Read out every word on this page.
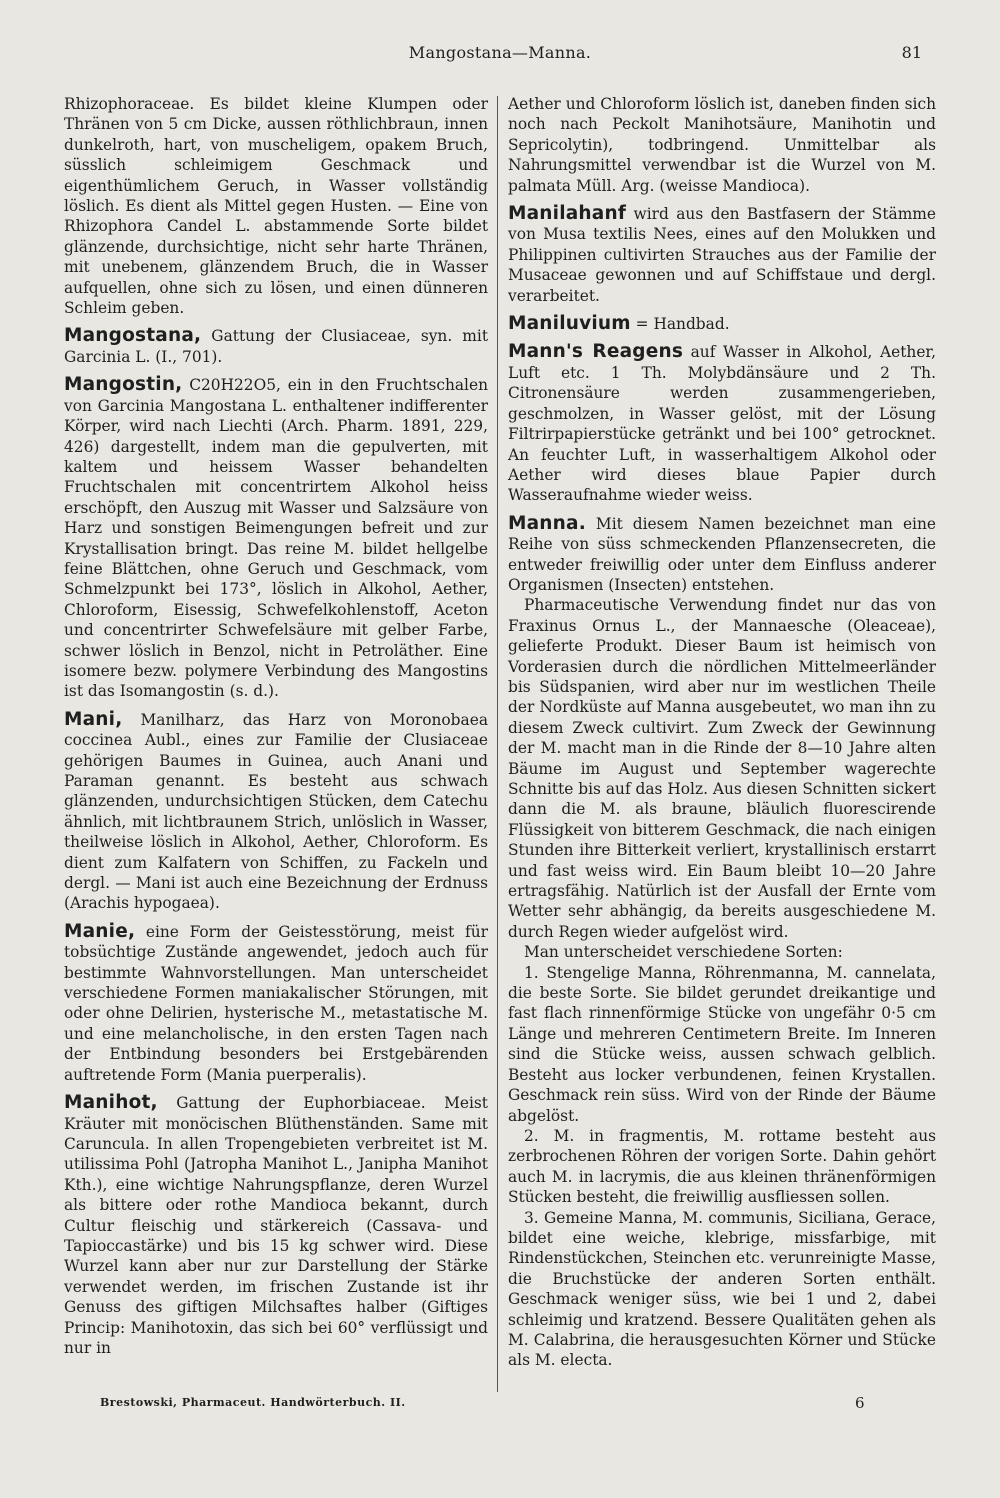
Mangostana—Manna.	81

Rhizophoraceae. Es bildet kleine Klumpen oder Thränen von 5 cm Dicke, aussen röthlichbraun, innen dunkelroth, hart, von muscheligem, opakem Bruch, süsslich schleimigem Geschmack und eigenthümlichem Geruch, in Wasser vollständig löslich. Es dient als Mittel gegen Husten. — Eine von Rhizophora Candel L. abstammende Sorte bildet glänzende, durchsichtige, nicht sehr harte Thränen, mit unebenem, glänzendem Bruch, die in Wasser aufquellen, ohne sich zu lösen, und einen dünneren Schleim geben.

Mangostana, Gattung der Clusiaceae, syn. mit Garcinia L. (I., 701).

Mangostin, C20H22O5, ein in den Fruchtschalen von Garcinia Mangostana L. enthaltener indifferenter Körper, wird nach Liechti (Arch. Pharm. 1891, 229, 426) dargestellt, indem man die gepulverten, mit kaltem und heissem Wasser behandelten Fruchtschalen mit concentrirtem Alkohol heiss erschöpft, den Auszug mit Wasser und Salzsäure von Harz und sonstigen Beimengungen befreit und zur Krystallisation bringt. Das reine M. bildet hellgelbe feine Blättchen, ohne Geruch und Geschmack, vom Schmelzpunkt bei 173°, löslich in Alkohol, Aether, Chloroform, Eisessig, Schwefelkohlenstoff, Aceton und concentrirter Schwefelsäure mit gelber Farbe, schwer löslich in Benzol, nicht in Petroläther. Eine isomere bezw. polymere Verbindung des Mangostins ist das Isomangostin (s. d.).

Mani, Manilharz, das Harz von Moronobaea coccinea Aubl., eines zur Familie der Clusiaceae gehörigen Baumes in Guinea, auch Anani und Paraman genannt. Es besteht aus schwach glänzenden, undurchsichtigen Stücken, dem Catechu ähnlich, mit lichtbraunem Strich, unlöslich in Wasser, theilweise löslich in Alkohol, Aether, Chloroform. Es dient zum Kalfatern von Schiffen, zu Fackeln und dergl. — Mani ist auch eine Bezeichnung der Erdnuss (Arachis hypogaea).

Manie, eine Form der Geistesstörung, meist für tobsüchtige Zustände angewendet, jedoch auch für bestimmte Wahnvorstellungen. Man unterscheidet verschiedene Formen maniakalischer Störungen, mit oder ohne Delirien, hysterische M., metastatische M. und eine melancholische, in den ersten Tagen nach der Entbindung besonders bei Erstgebärenden auftretende Form (Mania puerperalis).

Manihot, Gattung der Euphorbiaceae. Meist Kräuter mit monöcischen Blüthenständen. Same mit Caruncula. In allen Tropengebieten verbreitet ist M. utilissima Pohl (Jatropha Manihot L., Janipha Manihot Kth.), eine wichtige Nahrungspflanze, deren Wurzel als bittere oder rothe Mandioca bekannt, durch Cultur fleischig und stärkereich (Cassava- und Tapioccastärke) und bis 15 kg schwer wird. Diese Wurzel kann aber nur zur Darstellung der Stärke verwendet werden, im frischen Zustande ist ihr Genuss des giftigen Milchsaftes halber (Giftiges Princip: Manihotoxin, das sich bei 60° verflüssigt und nur in

Aether und Chloroform löslich ist, daneben finden sich noch nach Peckolt Manihotsäure, Manihotin und Sepricolytin), todbringend. Unmittelbar als Nahrungsmittel verwendbar ist die Wurzel von M. palmata Müll. Arg. (weisse Mandioca).

Manilahanf wird aus den Bastfasern der Stämme von Musa textilis Nees, eines auf den Molukken und Philippinen cultivirten Strauches aus der Familie der Musaceae gewonnen und auf Schiffstaue und dergl. verarbeitet.

Maniluvium = Handbad.

Mann's Reagens auf Wasser in Alkohol, Aether, Luft etc. 1 Th. Molybdänsäure und 2 Th. Citronensäure werden zusammengerieben, geschmolzen, in Wasser gelöst, mit der Lösung Filtrirpapierstücke getränkt und bei 100° getrocknet. An feuchter Luft, in wasserhaltigem Alkohol oder Aether wird dieses blaue Papier durch Wasseraufnahme wieder weiss.

Manna. Mit diesem Namen bezeichnet man eine Reihe von süss schmeckenden Pflanzensecreten, die entweder freiwillig oder unter dem Einfluss anderer Organismen (Insecten) entstehen.

Pharmaceutische Verwendung findet nur das von Fraxinus Ornus L., der Mannaesche (Oleaceae), gelieferte Produkt. Dieser Baum ist heimisch von Vorderasien durch die nördlichen Mittelmeerländer bis Südspanien, wird aber nur im westlichen Theile der Nordküste auf Manna ausgebeutet, wo man ihn zu diesem Zweck cultivirt. Zum Zweck der Gewinnung der M. macht man in die Rinde der 8—10 Jahre alten Bäume im August und September wagerechte Schnitte bis auf das Holz. Aus diesen Schnitten sickert dann die M. als braune, bläulich fluorescirende Flüssigkeit von bitterem Geschmack, die nach einigen Stunden ihre Bitterkeit verliert, krystallinisch erstarrt und fast weiss wird. Ein Baum bleibt 10—20 Jahre ertragsfähig. Natürlich ist der Ausfall der Ernte vom Wetter sehr abhängig, da bereits ausgeschiedene M. durch Regen wieder aufgelöst wird.

Man unterscheidet verschiedene Sorten:

1. Stengelige Manna, Röhrenmanna, M. cannelata, die beste Sorte. Sie bildet gerundet dreikantige und fast flach rinnenförmige Stücke von ungefähr 0·5 cm Länge und mehreren Centimetern Breite. Im Inneren sind die Stücke weiss, aussen schwach gelblich. Besteht aus locker verbundenen, feinen Krystallen. Geschmack rein süss. Wird von der Rinde der Bäume abgelöst.

2. M. in fragmentis, M. rottame besteht aus zerbrochenen Röhren der vorigen Sorte. Dahin gehört auch M. in lacrymis, die aus kleinen thränenförmigen Stücken besteht, die freiwillig ausfliessen sollen.

3. Gemeine Manna, M. communis, Siciliana, Gerace, bildet eine weiche, klebrige, missfarbige, mit Rindenstückchen, Steinchen etc. verunreinigte Masse, die Bruchstücke der anderen Sorten enthält. Geschmack weniger süss, wie bei 1 und 2, dabei schleimig und kratzend. Bessere Qualitäten gehen als M. Calabrina, die herausgesuchten Körner und Stücke als M. electa.

Brestowski, Pharmaceut. Handwörterbuch. II.	6
